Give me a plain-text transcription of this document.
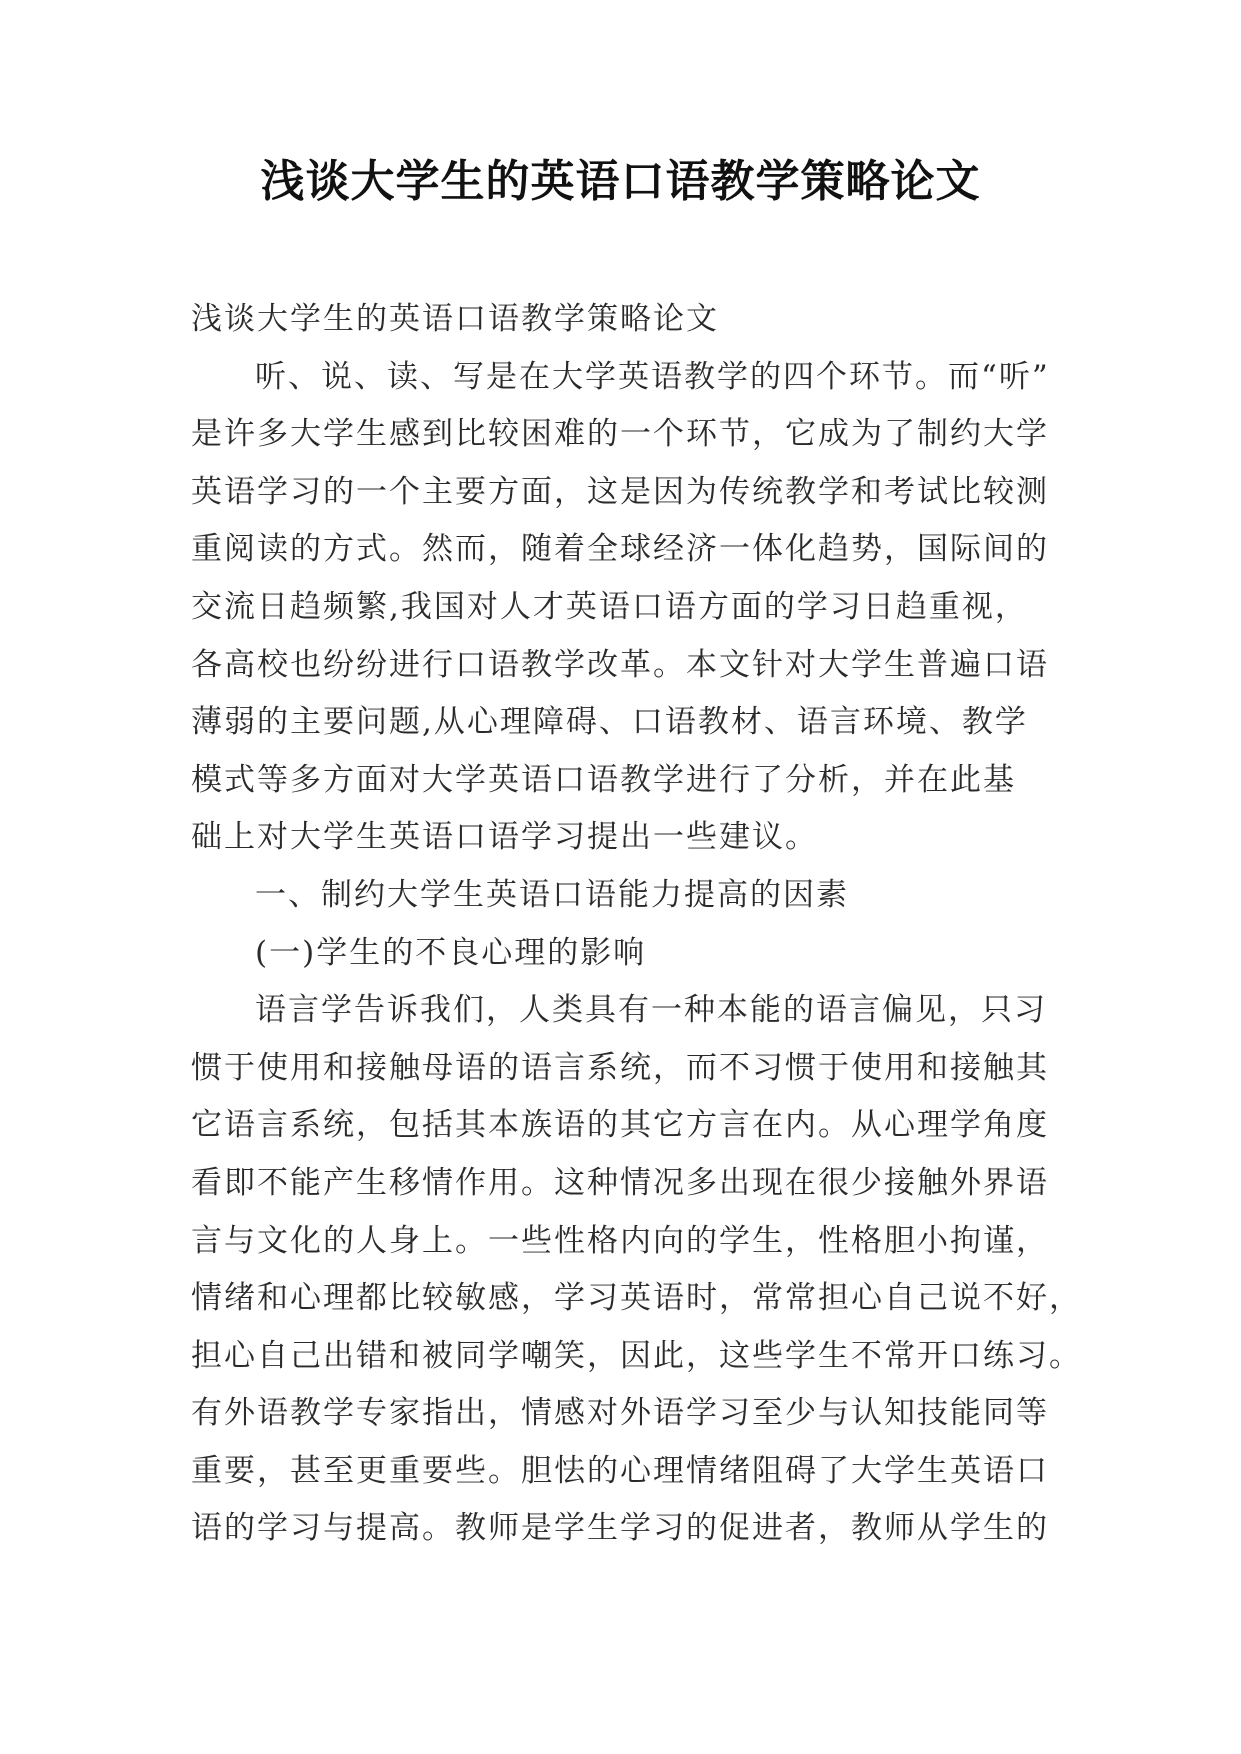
浅谈大学生的英语口语教学策略论文
浅谈大学生的英语口语教学策略论文
听、说、读、写是在大学英语教学的四个环节。而“听”
是许多大学生感到比较困难的一个环节，它成为了制约大学
英语学习的一个主要方面，这是因为传统教学和考试比较测
重阅读的方式。然而，随着全球经济一体化趋势，国际间的
交流日趋频繁,我国对人才英语口语方面的学习日趋重视，
各高校也纷纷进行口语教学改革。本文针对大学生普遍口语
薄弱的主要问题,从心理障碍、口语教材、语言环境、教学
模式等多方面对大学英语口语教学进行了分析，并在此基
础上对大学生英语口语学习提出一些建议。
一、制约大学生英语口语能力提高的因素
(一)学生的不良心理的影响
语言学告诉我们，人类具有一种本能的语言偏见，只习
惯于使用和接触母语的语言系统，而不习惯于使用和接触其
它语言系统，包括其本族语的其它方言在内。从心理学角度
看即不能产生移情作用。这种情况多出现在很少接触外界语
言与文化的人身上。一些性格内向的学生，性格胆小拘谨，
情绪和心理都比较敏感，学习英语时，常常担心自己说不好，
担心自己出错和被同学嘲笑，因此，这些学生不常开口练习。
有外语教学专家指出，情感对外语学习至少与认知技能同等
重要，甚至更重要些。胆怯的心理情绪阻碍了大学生英语口
语的学习与提高。教师是学生学习的促进者，教师从学生的
